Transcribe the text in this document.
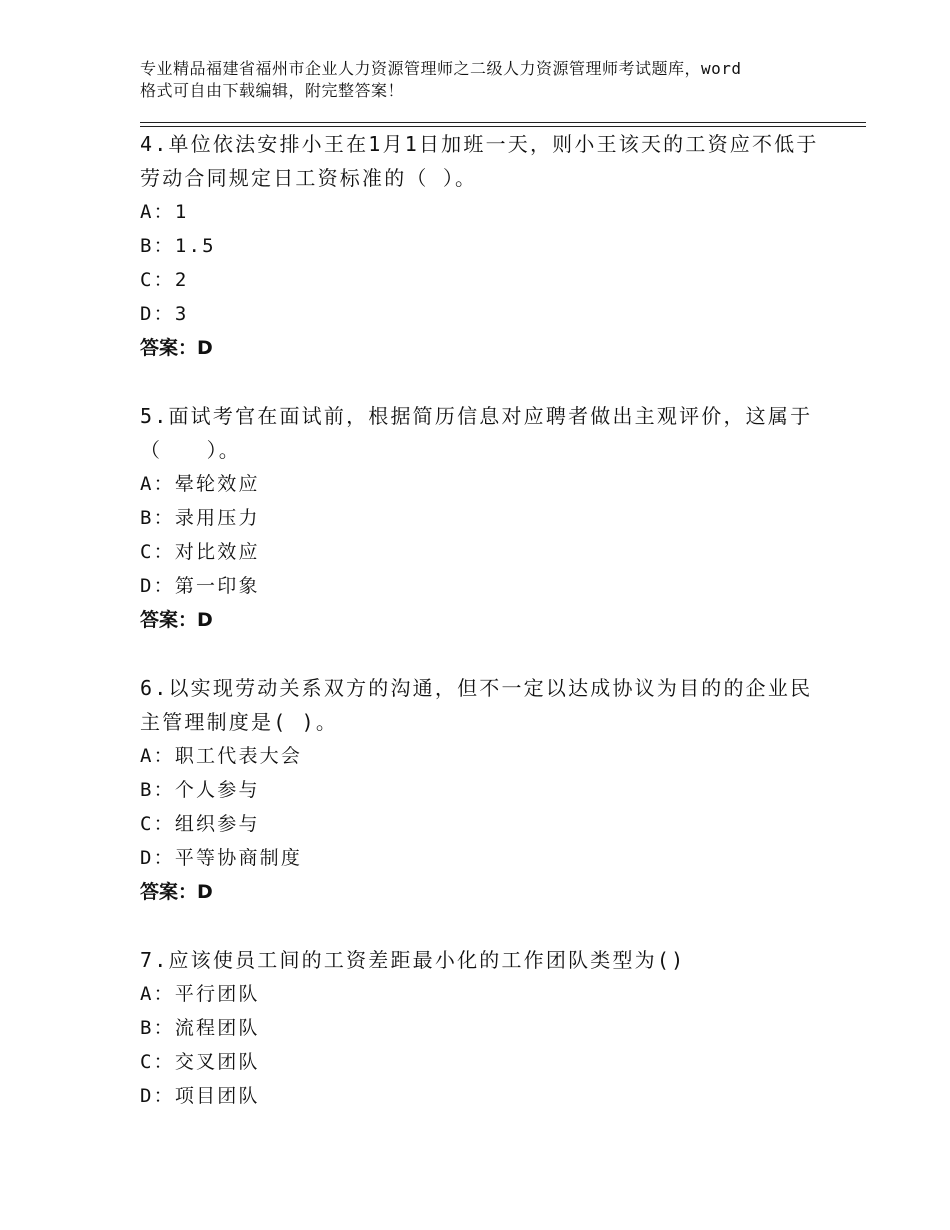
专业精品福建省福州市企业人力资源管理师之二级人力资源管理师考试题库，word
格式可自由下载编辑，附完整答案！
4.单位依法安排小王在1月1日加班一天，则小王该天的工资应不低于
劳动合同规定日工资标准的（ ）。
A：1
B：1.5
C：2
D：3
答案：D
5.面试考官在面试前，根据简历信息对应聘者做出主观评价，这属于
（　　）。
A：晕轮效应
B：录用压力
C：对比效应
D：第一印象
答案：D
6.以实现劳动关系双方的沟通，但不一定以达成协议为目的的企业民
主管理制度是( )。
A：职工代表大会
B：个人参与
C：组织参与
D：平等协商制度
答案：D
7.应该使员工间的工资差距最小化的工作团队类型为()
A：平行团队
B：流程团队
C：交叉团队
D：项目团队
